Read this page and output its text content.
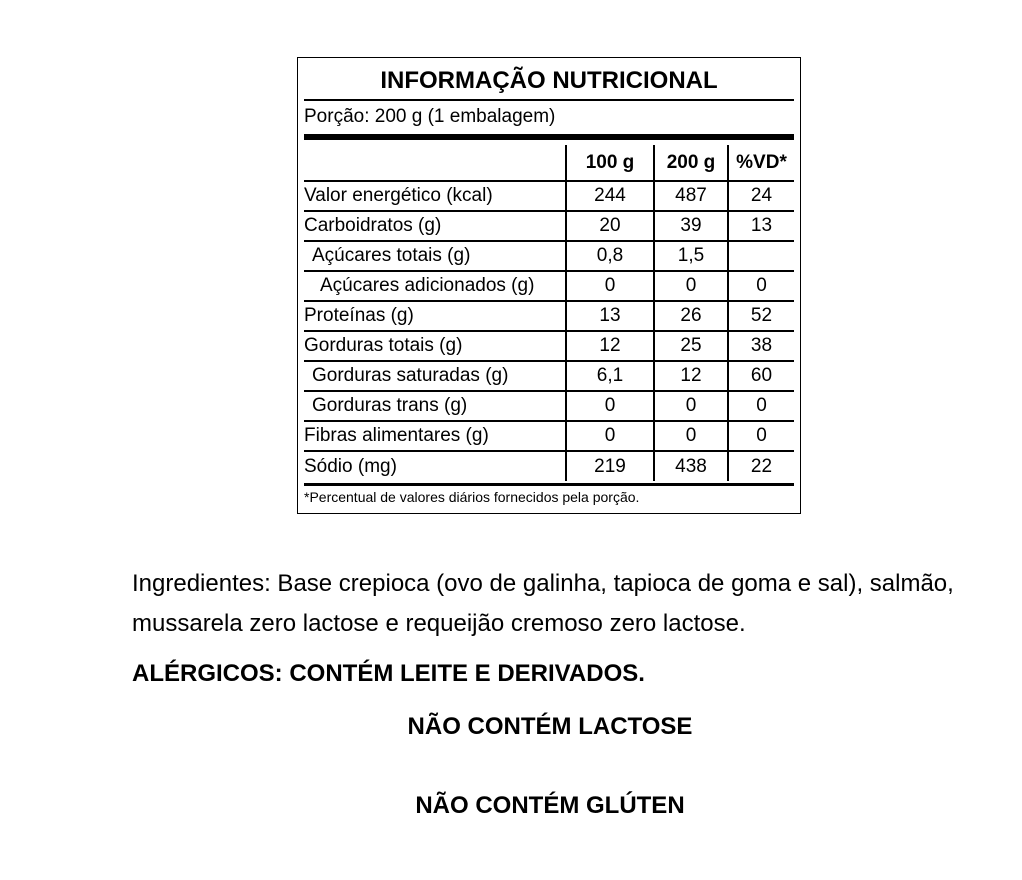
INFORMAÇÃO NUTRICIONAL
Porção: 200 g (1 embalagem)
	100 g	200 g	%VD*
Valor energético (kcal)	244	487	24
Carboidratos (g)	20	39	13
Açúcares totais (g)	0,8	1,5	
Açúcares adicionados (g)	0	0	0
Proteínas (g)	13	26	52
Gorduras totais (g)	12	25	38
Gorduras saturadas (g)	6,1	12	60
Gorduras trans (g)	0	0	0
Fibras alimentares (g)	0	0	0
Sódio (mg)	219	438	22
*Percentual de valores diários fornecidos pela porção.
Ingredientes: Base crepioca (ovo de galinha, tapioca de goma e sal), salmão, mussarela zero lactose e requeijão cremoso zero lactose.
ALÉRGICOS: CONTÉM LEITE E DERIVADOS.
NÃO CONTÉM LACTOSE
NÃO CONTÉM GLÚTEN
